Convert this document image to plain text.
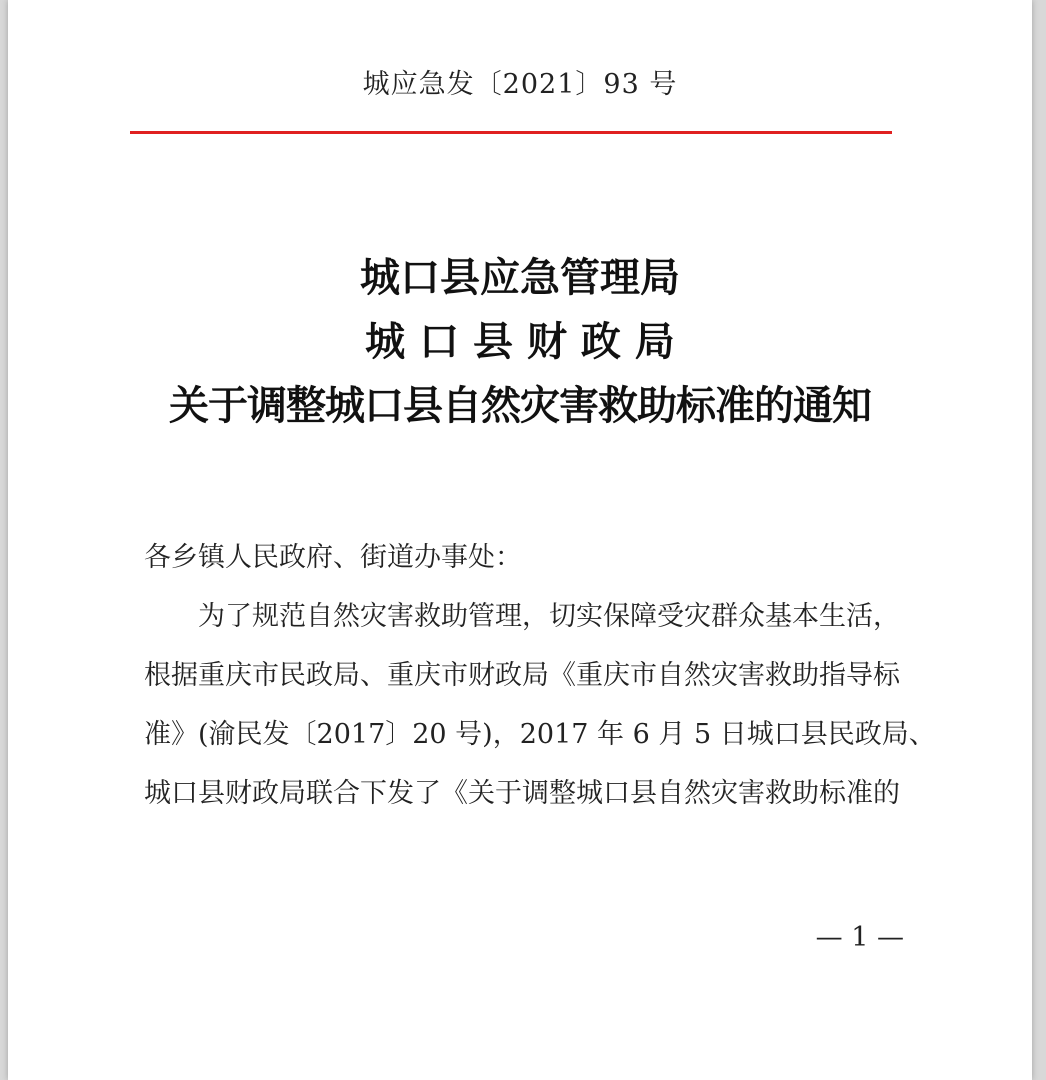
城应急发〔2021〕93 号
城口县应急管理局
城 口 县 财 政 局
关于调整城口县自然灾害救助标准的通知
各乡镇人民政府、街道办事处：
为了规范自然灾害救助管理，切实保障受灾群众基本生活，
根据重庆市民政局、重庆市财政局《重庆市自然灾害救助指导标
准》(渝民发〔2017〕20 号)，2017 年 6 月 5 日城口县民政局、
城口县财政局联合下发了《关于调整城口县自然灾害救助标准的
— 1 —
